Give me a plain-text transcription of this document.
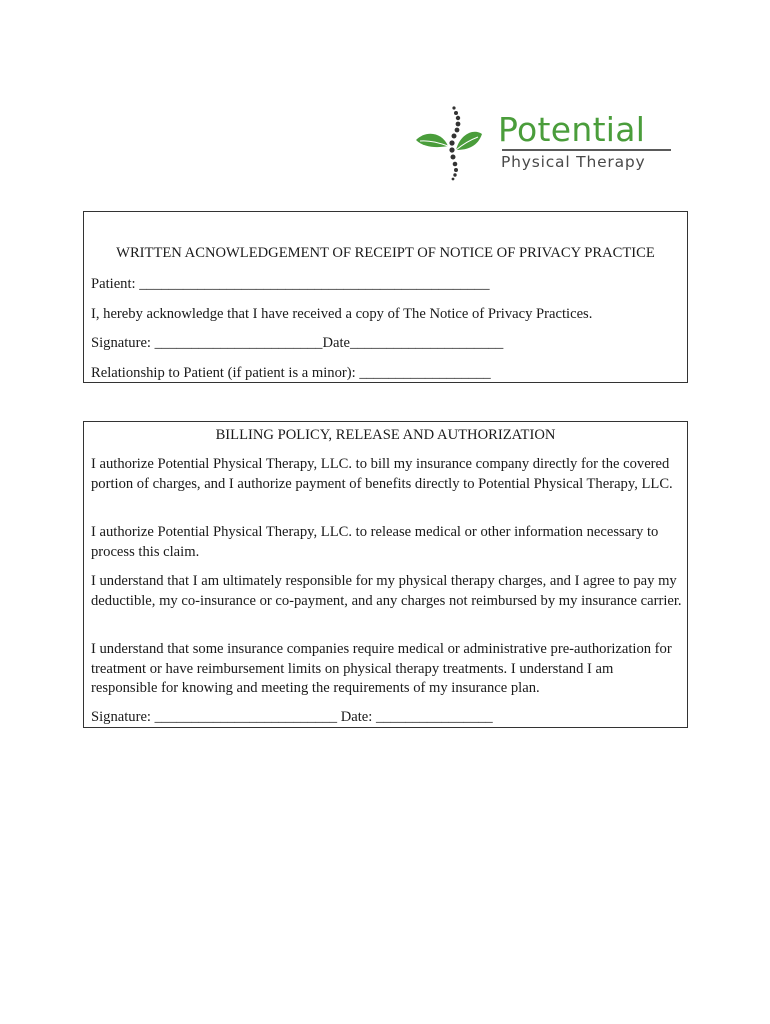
Potential
Physical Therapy
WRITTEN ACNOWLEDGEMENT OF RECEIPT OF NOTICE OF PRIVACY PRACTICE
Patient: ________________________________________________
I, hereby acknowledge that I have received a copy of The Notice of Privacy Practices.
Signature: _______________________Date_____________________
Relationship to Patient (if patient is a minor): __________________
BILLING POLICY, RELEASE AND AUTHORIZATION
I authorize Potential Physical Therapy, LLC. to bill my insurance company directly for the covered portion of charges, and I authorize payment of benefits directly to Potential Physical Therapy, LLC.
I authorize Potential Physical Therapy, LLC. to release medical or other information necessary to process this claim.
I understand that I am ultimately responsible for my physical therapy charges, and I agree to pay my deductible, my co-insurance or co-payment, and any charges not reimbursed by my insurance carrier.
I understand that some insurance companies require medical or administrative pre-authorization for treatment or have reimbursement limits on physical therapy treatments. I understand I am responsible for knowing and meeting the requirements of my insurance plan.
Signature: _________________________ Date: ________________
